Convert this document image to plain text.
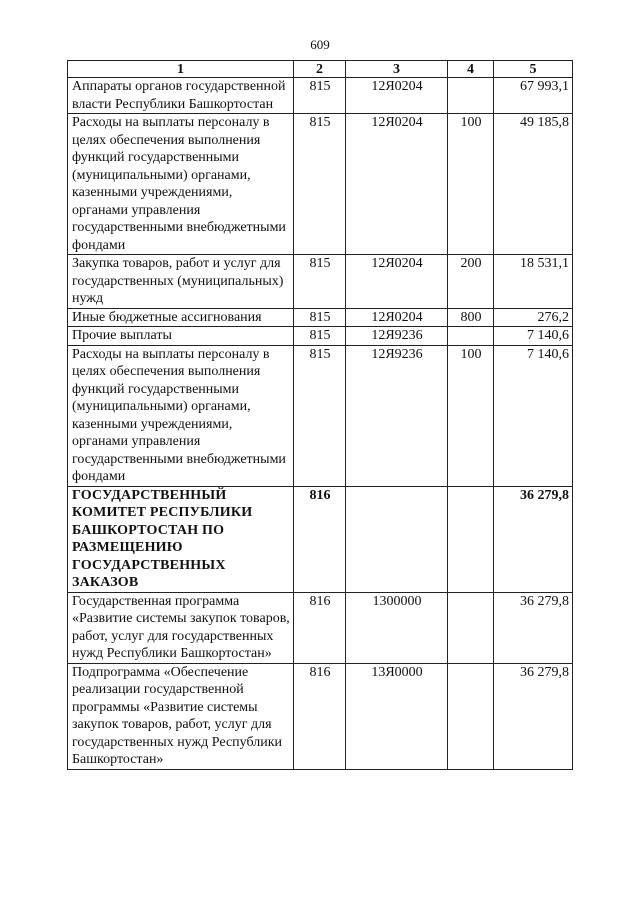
609
1	2	3	4	5
Аппараты органов государственной власти Республики Башкортостан	815	12Я0204		67 993,1
Расходы на выплаты персоналу в целях обеспечения выполнения функций государственными (муниципальными) органами, казенными учреждениями, органами управления государственными внебюджетными фондами	815	12Я0204	100	49 185,8
Закупка товаров, работ и услуг для государственных (муниципальных) нужд	815	12Я0204	200	18 531,1
Иные бюджетные ассигнования	815	12Я0204	800	276,2
Прочие выплаты	815	12Я9236		7 140,6
Расходы на выплаты персоналу в целях обеспечения выполнения функций государственными (муниципальными) органами, казенными учреждениями, органами управления государственными внебюджетными фондами	815	12Я9236	100	7 140,6
ГОСУДАРСТВЕННЫЙ КОМИТЕТ РЕСПУБЛИКИ БАШКОРТОСТАН ПО РАЗМЕЩЕНИЮ ГОСУДАРСТВЕННЫХ ЗАКАЗОВ	816			36 279,8
Государственная программа «Развитие системы закупок товаров, работ, услуг для государственных нужд Республики Башкортостан»	816	1300000		36 279,8
Подпрограмма «Обеспечение реализации государственной программы «Развитие системы закупок товаров, работ, услуг для государственных нужд Республики Башкортостан»	816	13Я0000		36 279,8
